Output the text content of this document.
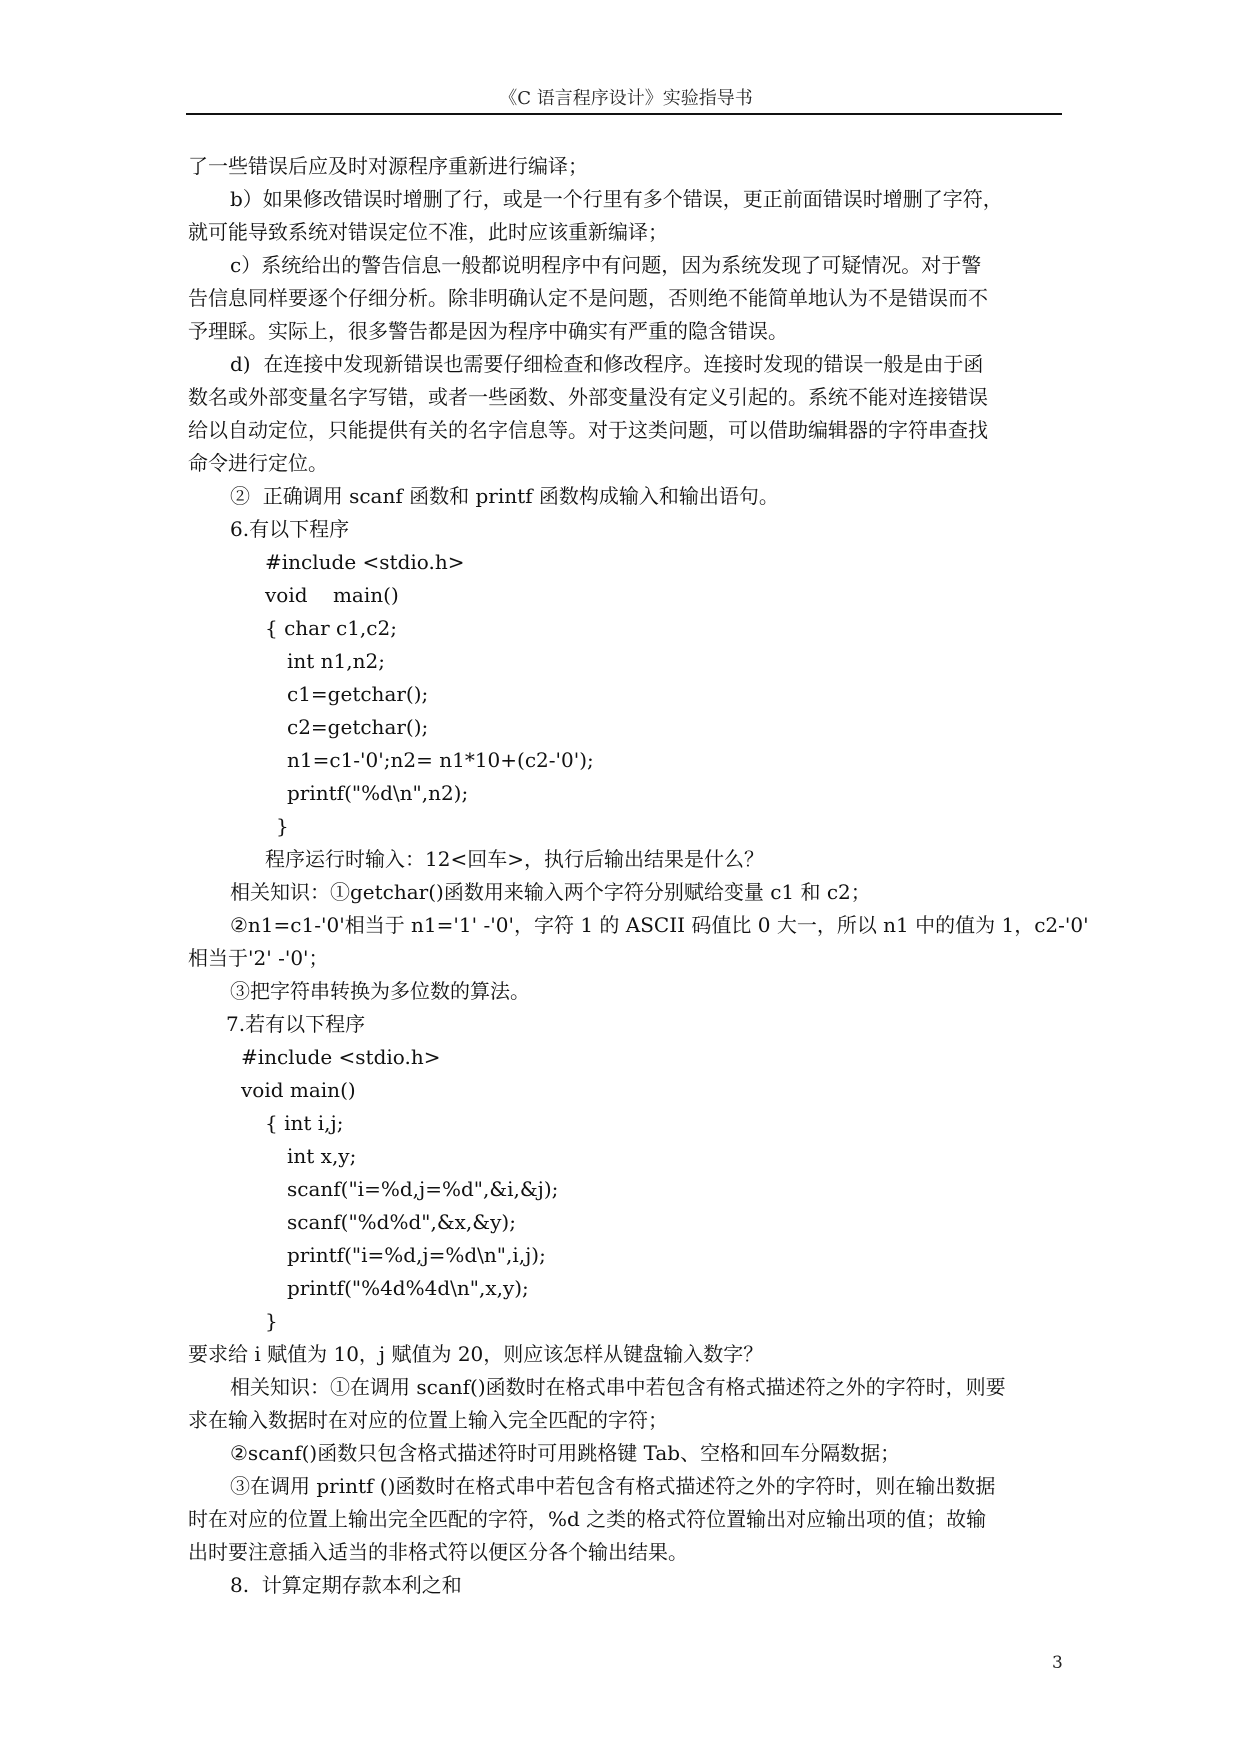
《C 语言程序设计》实验指导书
了一些错误后应及时对源程序重新进行编译；
b）如果修改错误时增删了行，或是一个行里有多个错误，更正前面错误时增删了字符，
就可能导致系统对错误定位不准，此时应该重新编译；
c）系统给出的警告信息一般都说明程序中有问题，因为系统发现了可疑情况。对于警
告信息同样要逐个仔细分析。除非明确认定不是问题，否则绝不能简单地认为不是错误而不
予理睬。实际上，很多警告都是因为程序中确实有严重的隐含错误。
d)  在连接中发现新错误也需要仔细检查和修改程序。连接时发现的错误一般是由于函
数名或外部变量名字写错，或者一些函数、外部变量没有定义引起的。系统不能对连接错误
给以自动定位，只能提供有关的名字信息等。对于这类问题，可以借助编辑器的字符串查找
命令进行定位。
②  正确调用 scanf 函数和 printf 函数构成输入和输出语句。
6.有以下程序
#include <stdio.h>
void    main()
{ char c1,c2;
int n1,n2;
c1=getchar();
c2=getchar();
n1=c1-'0';n2= n1*10+(c2-'0');
printf("%d\n",n2);
}
程序运行时输入：12<回车>，执行后输出结果是什么？
相关知识：①getchar()函数用来输入两个字符分别赋给变量 c1 和 c2；
②n1=c1-'0'相当于 n1='1' -'0'，字符 1 的 ASCII 码值比 0 大一，所以 n1 中的值为 1，c2-'0'
相当于'2' -'0'；
③把字符串转换为多位数的算法。
7.若有以下程序
#include <stdio.h>
void main()
{ int i,j;
int x,y;
scanf("i=%d,j=%d",&i,&j);
scanf("%d%d",&x,&y);
printf("i=%d,j=%d\n",i,j);
printf("%4d%4d\n",x,y);
}
要求给 i 赋值为 10，j 赋值为 20，则应该怎样从键盘输入数字？
相关知识：①在调用 scanf()函数时在格式串中若包含有格式描述符之外的字符时，则要
求在输入数据时在对应的位置上输入完全匹配的字符；
②scanf()函数只包含格式描述符时可用跳格键 Tab、空格和回车分隔数据；
③在调用 printf ()函数时在格式串中若包含有格式描述符之外的字符时，则在输出数据
时在对应的位置上输出完全匹配的字符，%d 之类的格式符位置输出对应输出项的值；故输
出时要注意插入适当的非格式符以便区分各个输出结果。
8.  计算定期存款本利之和
3
